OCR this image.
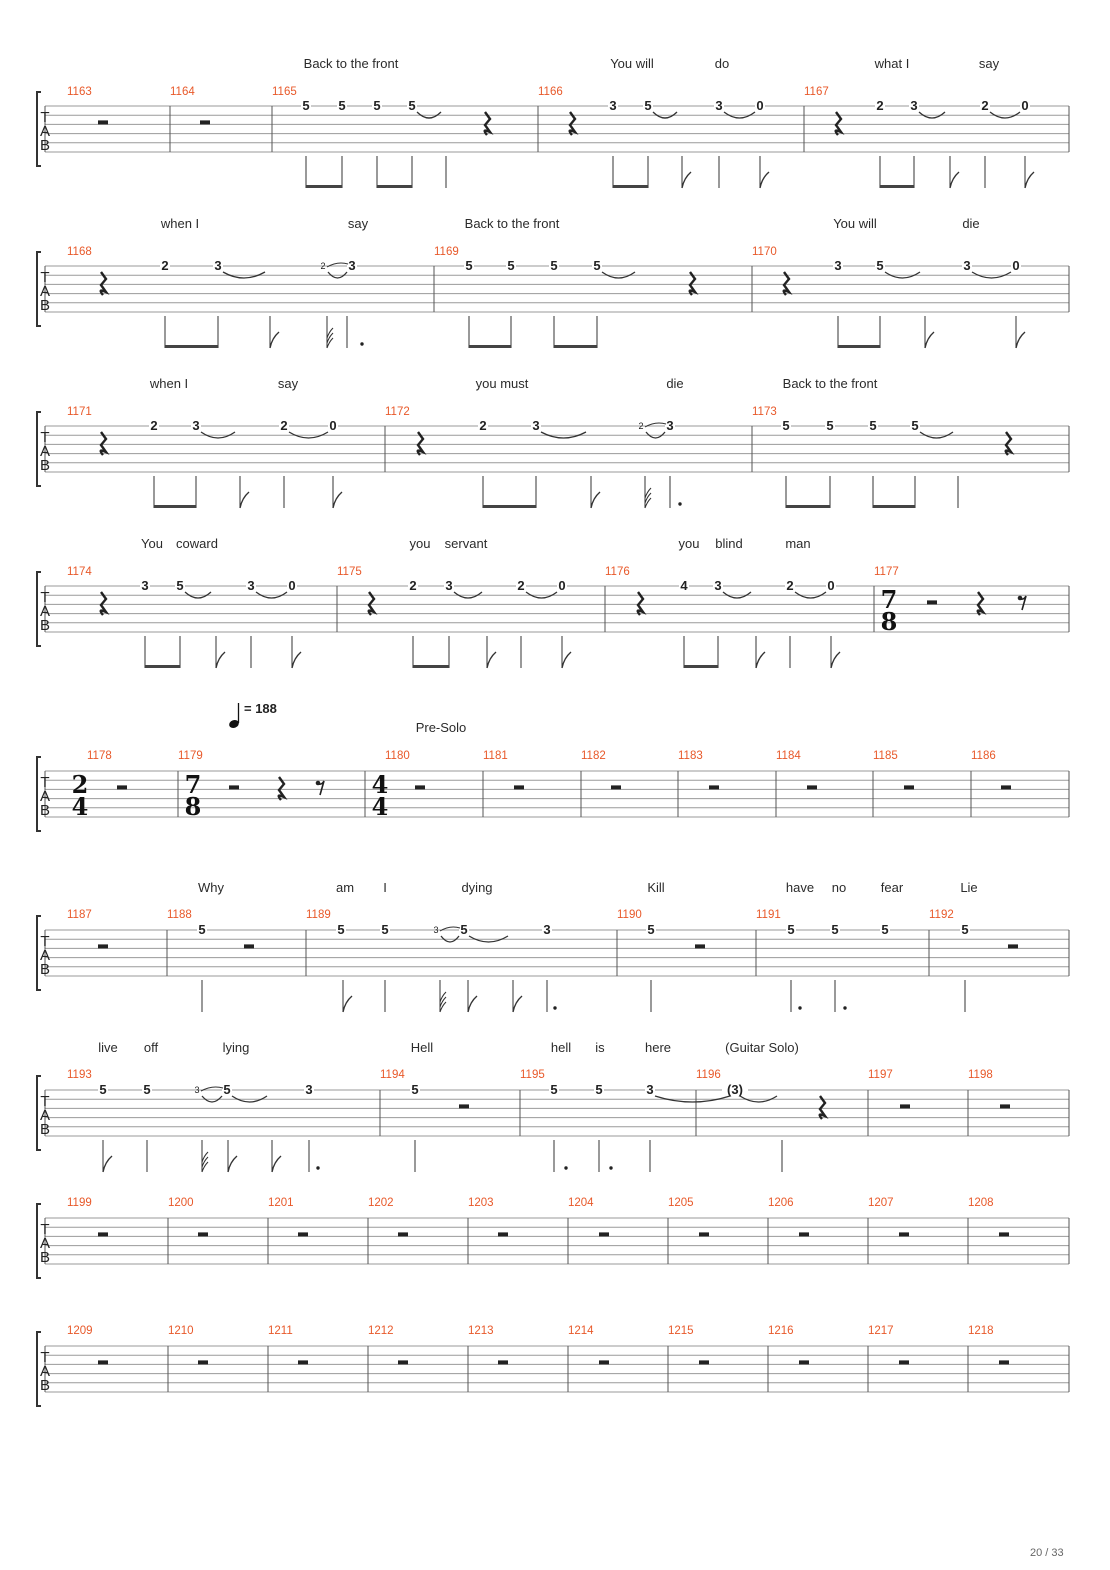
T
A
B
Back to the front	You will	do	what I	say
1163	1164	1165	1166	1167
5 5 5 5	3 5	3	0	2 3	2	0
T
A
B
when I	say	Back to the front	You will	die
1168	1169	1170
2	3	3	5	5	5	5	3	5	3	0
2
T
A
B
when I	say	you must	die	Back to the front
1171	1172	1173
2	3	2	0	2	3	3	5	5	5	5
2
T
A
B
You coward	you servant	you blind	man
1174	1175	1176	1177
3 5	3	0	2 3	2	0	4 3	2	0
T
A
B
1178	1179	1180	1181	1182	1183	1184	1185	1186
T
A
B
Why	am I	dying	Kill	have no	fear	Lie
1187	1188	1189	1190	1191	1192
5	5	5	5	3	5	5	5	5	5
3
T
A
B
live off	lying	Hell	hell is	here	(Guitar Solo)
1193	1194	1195	1196	1197	1198
5	5	5	3	5	5	5	3	(3)
3
T
A
B
1199	1200	1201	1202	1203	1204	1205	1206	1207	1208
T
A
B
1209	1210	1211	1212	1213	1214	1215	1216	1217	1218
7
8
2
4
7
8
4
4
= 188
Pre-Solo
20 / 33
